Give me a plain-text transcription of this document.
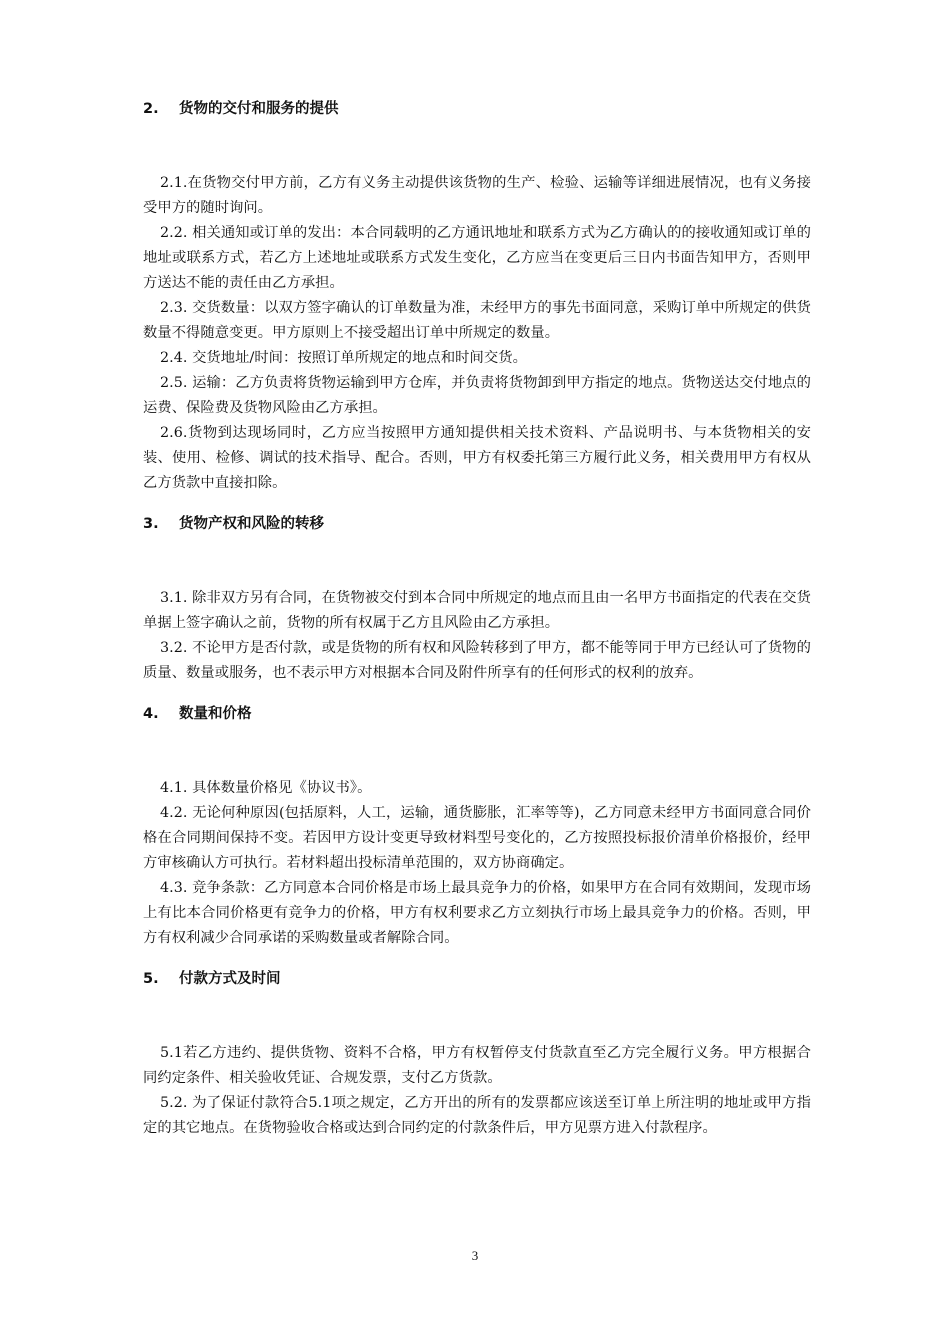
2. 货物的交付和服务的提供

2.1.在货物交付甲方前，乙方有义务主动提供该货物的生产、检验、运输等详细进展情况，也有义务接受甲方的随时询问。

2.2. 相关通知或订单的发出：本合同载明的乙方通讯地址和联系方式为乙方确认的的接收通知或订单的地址或联系方式，若乙方上述地址或联系方式发生变化，乙方应当在变更后三日内书面告知甲方，否则甲方送达不能的责任由乙方承担。

2.3. 交货数量：以双方签字确认的订单数量为准，未经甲方的事先书面同意，采购订单中所规定的供货数量不得随意变更。甲方原则上不接受超出订单中所规定的数量。

2.4. 交货地址/时间：按照订单所规定的地点和时间交货。

2.5. 运输：乙方负责将货物运输到甲方仓库，并负责将货物卸到甲方指定的地点。货物送达交付地点的运费、保险费及货物风险由乙方承担。

2.6.货物到达现场同时，乙方应当按照甲方通知提供相关技术资料、产品说明书、与本货物相关的安装、使用、检修、调试的技术指导、配合。否则，甲方有权委托第三方履行此义务，相关费用甲方有权从乙方货款中直接扣除。

3. 货物产权和风险的转移

3.1. 除非双方另有合同，在货物被交付到本合同中所规定的地点而且由一名甲方书面指定的代表在交货单据上签字确认之前，货物的所有权属于乙方且风险由乙方承担。

3.2. 不论甲方是否付款，或是货物的所有权和风险转移到了甲方，都不能等同于甲方已经认可了货物的质量、数量或服务，也不表示甲方对根据本合同及附件所享有的任何形式的权利的放弃。

4. 数量和价格

4.1. 具体数量价格见《协议书》。

4.2. 无论何种原因(包括原料，人工，运输，通货膨胀，汇率等等)，乙方同意未经甲方书面同意合同价格在合同期间保持不变。若因甲方设计变更导致材料型号变化的，乙方按照投标报价清单价格报价，经甲方审核确认方可执行。若材料超出投标清单范围的，双方协商确定。

4.3. 竞争条款：乙方同意本合同价格是市场上最具竞争力的价格，如果甲方在合同有效期间，发现市场上有比本合同价格更有竞争力的价格，甲方有权利要求乙方立刻执行市场上最具竞争力的价格。否则，甲方有权利减少合同承诺的采购数量或者解除合同。

5. 付款方式及时间

5.1若乙方违约、提供货物、资料不合格，甲方有权暂停支付货款直至乙方完全履行义务。甲方根据合同约定条件、相关验收凭证、合规发票，支付乙方货款。

5.2. 为了保证付款符合5.1项之规定，乙方开出的所有的发票都应该送至订单上所注明的地址或甲方指定的其它地点。在货物验收合格或达到合同约定的付款条件后，甲方见票方进入付款程序。

3
